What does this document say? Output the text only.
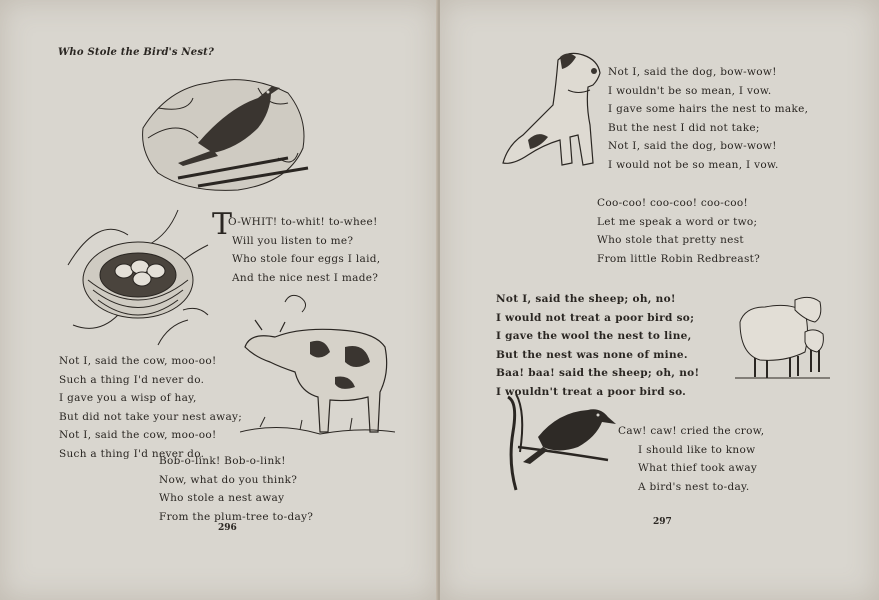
Who Stole the Bird's Nest?
T
O-WHIT! to-whit! to-whee!
Will you listen to me?
Who stole four eggs I laid,
And the nice nest I made?
Not I, said the cow, moo-oo!
Such a thing I'd never do.
I gave you a wisp of hay,
But did not take your nest away;
Not I, said the cow, moo-oo!
Such a thing I'd never do.
Bob-o-link! Bob-o-link!
Now, what do you think?
Who stole a nest away
From the plum-tree to-day?
296
Not I, said the dog, bow-wow!
I wouldn't be so mean, I vow.
I gave some hairs the nest to make,
But the nest I did not take;
Not I, said the dog, bow-wow!
I would not be so mean, I vow.
Coo-coo! coo-coo! coo-coo!
Let me speak a word or two;
Who stole that pretty nest
From little Robin Redbreast?
Not I, said the sheep; oh, no!
I would not treat a poor bird so;
I gave the wool the nest to line,
But the nest was none of mine.
Baa! baa! said the sheep; oh, no!
I wouldn't treat a poor bird so.
Caw! caw! cried the crow,
I should like to know
What thief took away
A bird's nest to-day.
297
